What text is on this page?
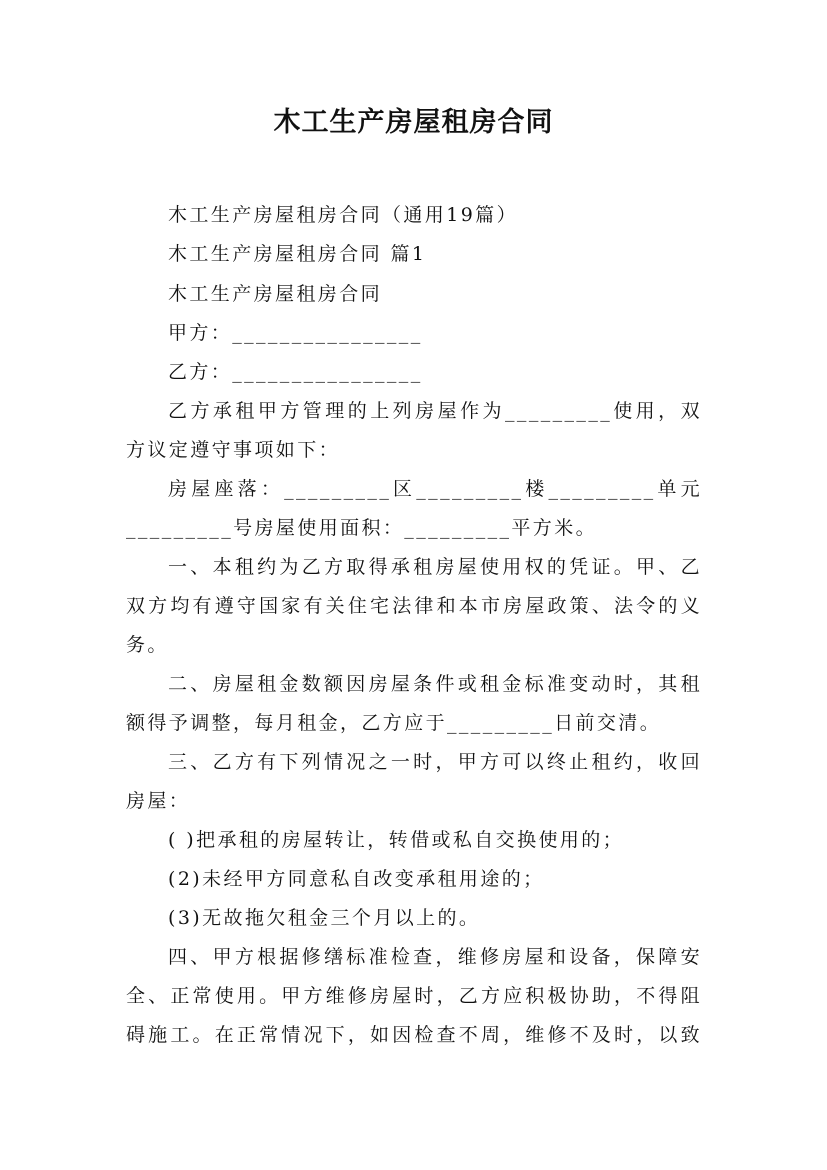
木工生产房屋租房合同
木工生产房屋租房合同（通用19篇）
木工生产房屋租房合同 篇1
木工生产房屋租房合同
甲方：________________
乙方：________________
乙方承租甲方管理的上列房屋作为_________使用，双
方议定遵守事项如下：
房屋座落：_________区_________楼_________单元
_________号房屋使用面积：_________平方米。
一、本租约为乙方取得承租房屋使用权的凭证。甲、乙
双方均有遵守国家有关住宅法律和本市房屋政策、法令的义
务。
二、房屋租金数额因房屋条件或租金标准变动时，其租
额得予调整，每月租金，乙方应于_________日前交清。
三、乙方有下列情况之一时，甲方可以终止租约，收回
房屋：
( )把承租的房屋转让，转借或私自交换使用的；
(2)未经甲方同意私自改变承租用途的；
(3)无故拖欠租金三个月以上的。
四、甲方根据修缮标准检查，维修房屋和设备，保障安
全、正常使用。甲方维修房屋时，乙方应积极协助，不得阻
碍施工。在正常情况下，如因检查不周，维修不及时，以致
